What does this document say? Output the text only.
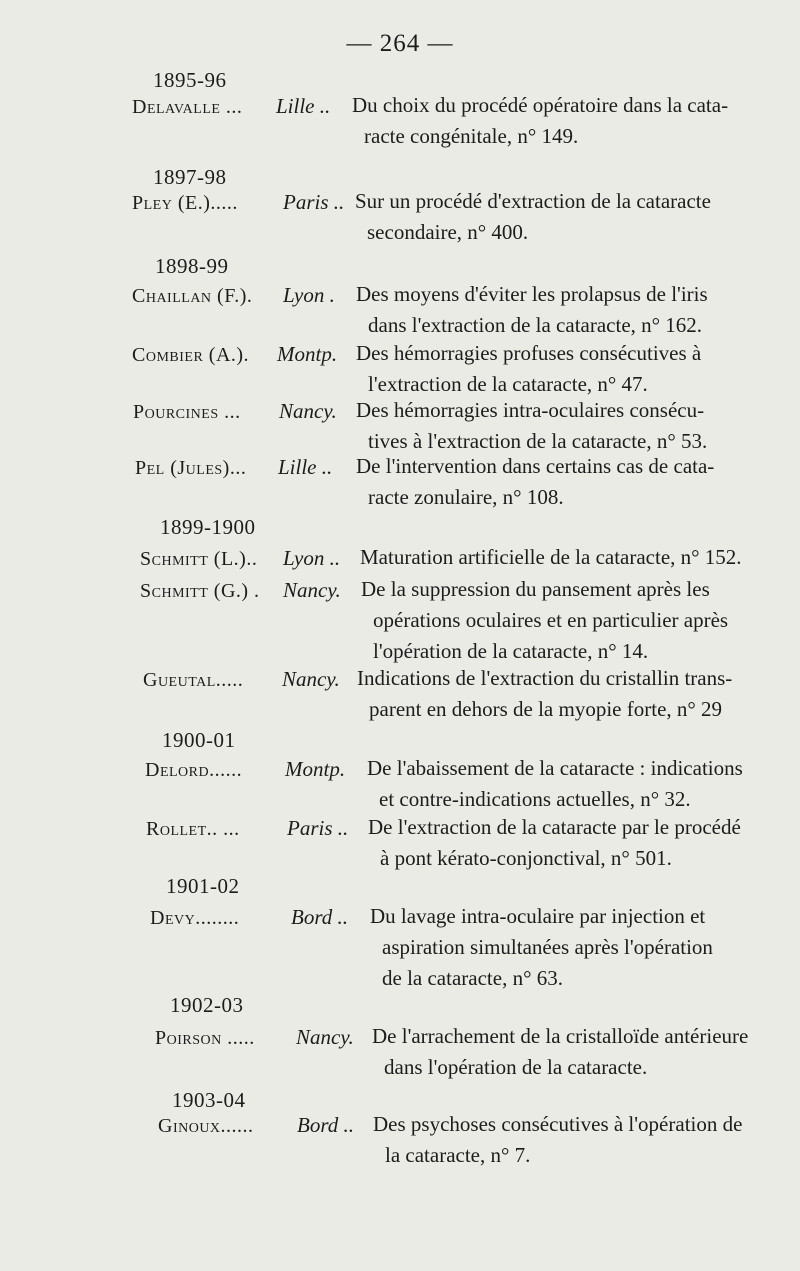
— 264 —
1895-96
Delavalle ... Lille .. Du choix du procédé opératoire dans la cata-
racte congénitale, n° 149.
1897-98
Pley (E.)..... Paris .. Sur un procédé d'extraction de la cataracte
secondaire, n° 400.
1898-99
Chaillan (F.). Lyon . Des moyens d'éviter les prolapsus de l'iris
dans l'extraction de la cataracte, n° 162.
Combier (A.). Montp. Des hémorragies profuses consécutives à
l'extraction de la cataracte, n° 47.
Pourcines ... Nancy. Des hémorragies intra-oculaires consécu-
tives à l'extraction de la cataracte, n° 53.
Pel (Jules)... Lille .. De l'intervention dans certains cas de cata-
racte zonulaire, n° 108.
1899-1900
Schmitt (L.).. Lyon .. Maturation artificielle de la cataracte, n° 152.
Schmitt (G.) . Nancy. De la suppression du pansement après les
opérations oculaires et en particulier après
l'opération de la cataracte, n° 14.
Gueutal..... Nancy. Indications de l'extraction du cristallin trans-
parent en dehors de la myopie forte, n° 29
1900-01
Delord...... Montp. De l'abaissement de la cataracte : indications
et contre-indications actuelles, n° 32.
Rollet.. ... Paris .. De l'extraction de la cataracte par le procédé
à pont kérato-conjonctival, n° 501.
1901-02
Devy........ Bord .. Du lavage intra-oculaire par injection et
aspiration simultanées après l'opération
de la cataracte, n° 63.
1902-03
Poirson ..... Nancy. De l'arrachement de la cristalloïde antérieure
dans l'opération de la cataracte.
1903-04
Ginoux...... Bord .. Des psychoses consécutives à l'opération de
la cataracte, n° 7.
